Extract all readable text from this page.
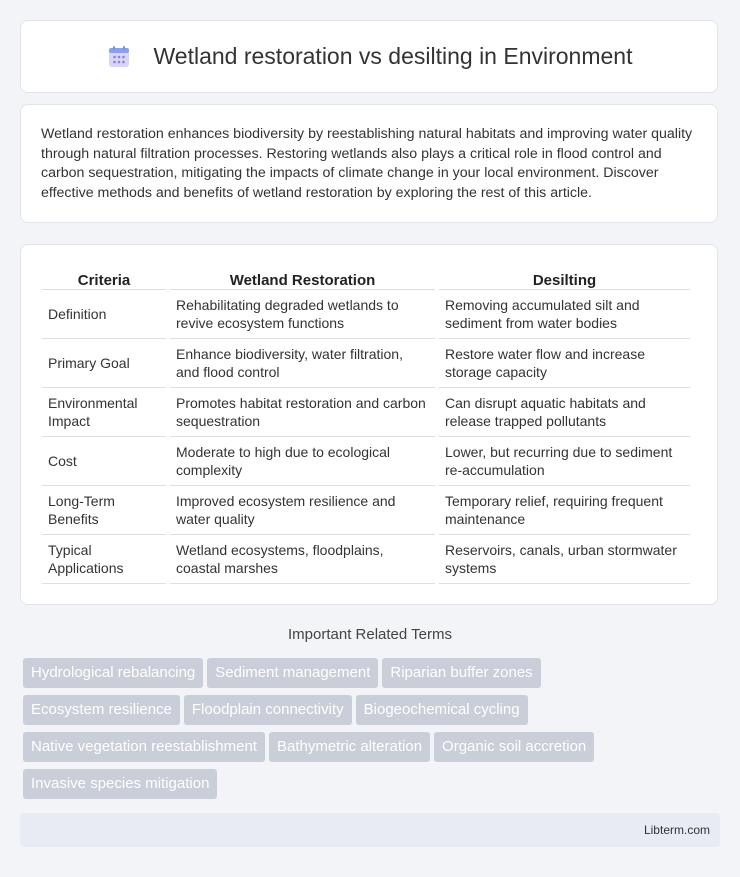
Wetland restoration vs desilting in Environment

Wetland restoration enhances biodiversity by reestablishing natural habitats and improving water quality through natural filtration processes. Restoring wetlands also plays a critical role in flood control and carbon sequestration, mitigating the impacts of climate change in your local environment. Discover effective methods and benefits of wetland restoration by exploring the rest of this article.

Criteria	Wetland Restoration	Desilting
Definition	Rehabilitating degraded wetlands to revive ecosystem functions	Removing accumulated silt and sediment from water bodies
Primary Goal	Enhance biodiversity, water filtration, and flood control	Restore water flow and increase storage capacity
Environmental Impact	Promotes habitat restoration and carbon sequestration	Can disrupt aquatic habitats and release trapped pollutants
Cost	Moderate to high due to ecological complexity	Lower, but recurring due to sediment re-accumulation
Long-Term Benefits	Improved ecosystem resilience and water quality	Temporary relief, requiring frequent maintenance
Typical Applications	Wetland ecosystems, floodplains, coastal marshes	Reservoirs, canals, urban stormwater systems
Important Related Terms
Hydrological rebalancing Sediment management Riparian buffer zones
Ecosystem resilience Floodplain connectivity Biogeochemical cycling
Native vegetation reestablishment Bathymetric alteration Organic soil accretion
Invasive species mitigation
Libterm.com
